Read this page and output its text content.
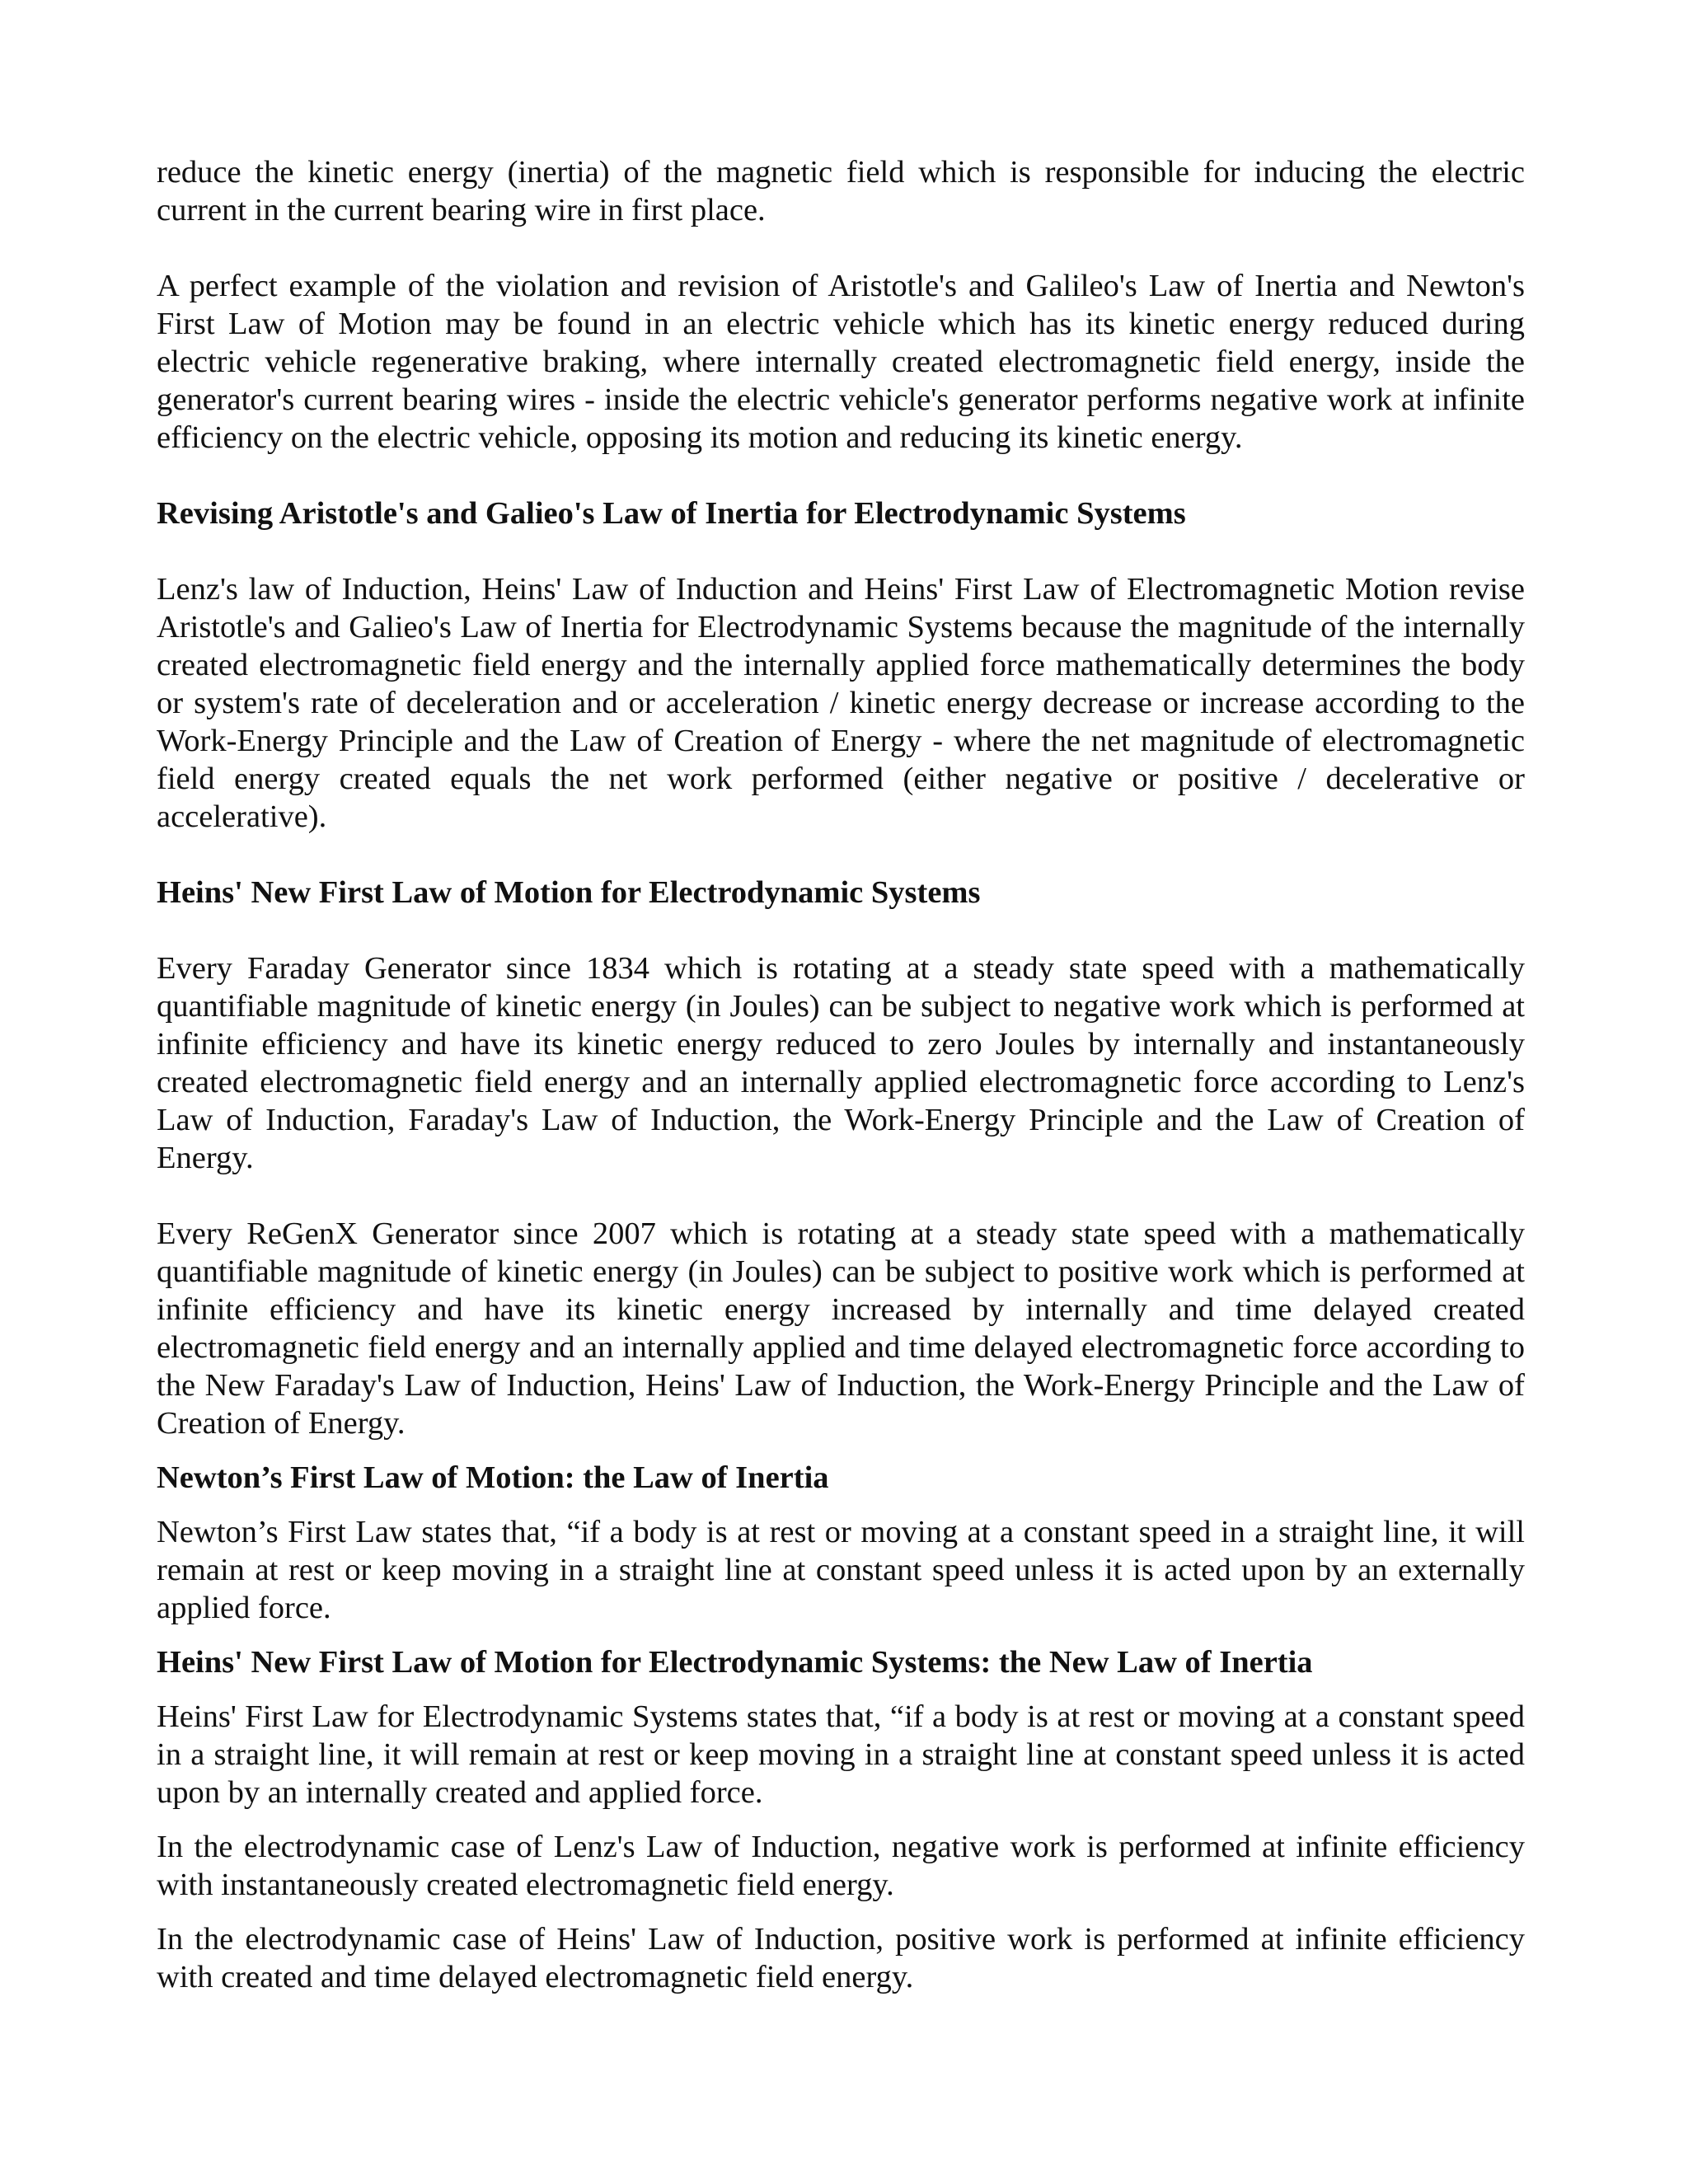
reduce the kinetic energy (inertia) of the magnetic field which is responsible for inducing the electric current in the current bearing wire in first place.

A perfect example of the violation and revision of Aristotle's and Galileo's Law of Inertia and Newton's First Law of Motion may be found in an electric vehicle which has its kinetic energy reduced during electric vehicle regenerative braking, where internally created electromagnetic field energy, inside the generator's current bearing wires - inside the electric vehicle's generator performs negative work at infinite efficiency on the electric vehicle, opposing its motion and reducing its kinetic energy.

Revising Aristotle's and Galieo's Law of Inertia for Electrodynamic Systems

Lenz's law of Induction, Heins' Law of Induction and Heins' First Law of Electromagnetic Motion revise Aristotle's and Galieo's Law of Inertia for Electrodynamic Systems because the magnitude of the internally created electromagnetic field energy and the internally applied force mathematically determines the body or system's rate of deceleration and or acceleration / kinetic energy decrease or increase according to the Work-Energy Principle and the Law of Creation of Energy - where the net magnitude of electromagnetic field energy created equals the net work performed (either negative or positive / decelerative or accelerative).

Heins' New First Law of Motion for Electrodynamic Systems

Every Faraday Generator since 1834 which is rotating at a steady state speed with a mathematically quantifiable magnitude of kinetic energy (in Joules) can be subject to negative work which is performed at infinite efficiency and have its kinetic energy reduced to zero Joules by internally and instantaneously created electromagnetic field energy and an internally applied electromagnetic force according to Lenz's Law of Induction, Faraday's Law of Induction, the Work-Energy Principle and the Law of Creation of Energy.

Every ReGenX Generator since 2007 which is rotating at a steady state speed with a mathematically quantifiable magnitude of kinetic energy (in Joules) can be subject to positive work which is performed at infinite efficiency and have its kinetic energy increased by internally and time delayed created electromagnetic field energy and an internally applied and time delayed electromagnetic force according to the New Faraday's Law of Induction, Heins' Law of Induction, the Work-Energy Principle and the Law of Creation of Energy.

Newton’s First Law of Motion: the Law of Inertia

Newton’s First Law states that, “if a body is at rest or moving at a constant speed in a straight line, it will remain at rest or keep moving in a straight line at constant speed unless it is acted upon by an externally applied force.

Heins' New First Law of Motion for Electrodynamic Systems: the New Law of Inertia

Heins' First Law for Electrodynamic Systems states that, “if a body is at rest or moving at a constant speed in a straight line, it will remain at rest or keep moving in a straight line at constant speed unless it is acted upon by an internally created and applied force.

In the electrodynamic case of Lenz's Law of Induction, negative work is performed at infinite efficiency with instantaneously created electromagnetic field energy.

In the electrodynamic case of Heins' Law of Induction, positive work is performed at infinite efficiency with created and time delayed electromagnetic field energy.
